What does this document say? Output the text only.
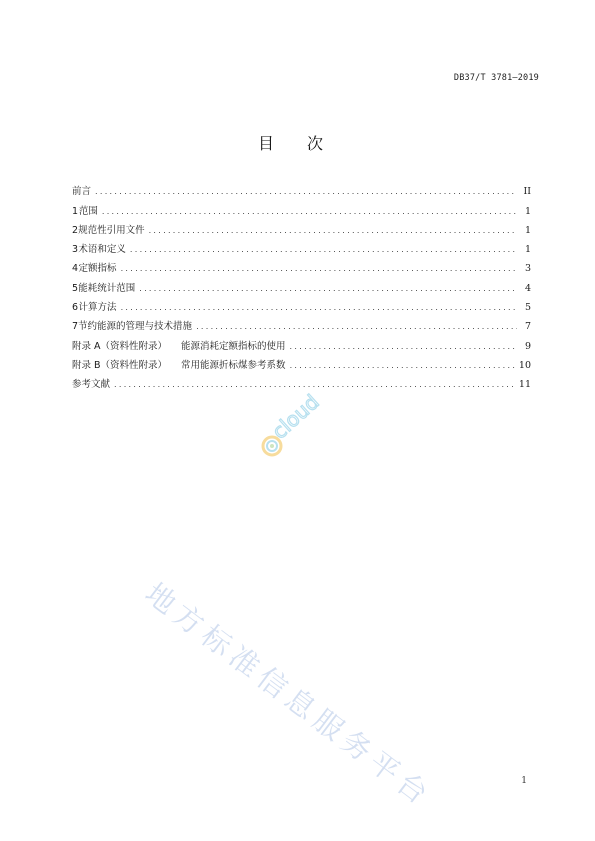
DB37/T 3781—2019
目 次
前言 .....	II
1 范围 .....	1
2 规范性引用文件 .....	1
3 术语和定义 .....	1
4 定额指标 .....	3
5 能耗统计范围 .....	4
6 计算方法 .....	5
7 节约能源的管理与技术措施 .....	7
附录 A（资料性附录） 能源消耗定额指标的使用 .....	9
附录 B（资料性附录） 常用能源折标煤参考系数 .....	10
参考文献 .....	11
cloud
地方标准信息服务平台	1
